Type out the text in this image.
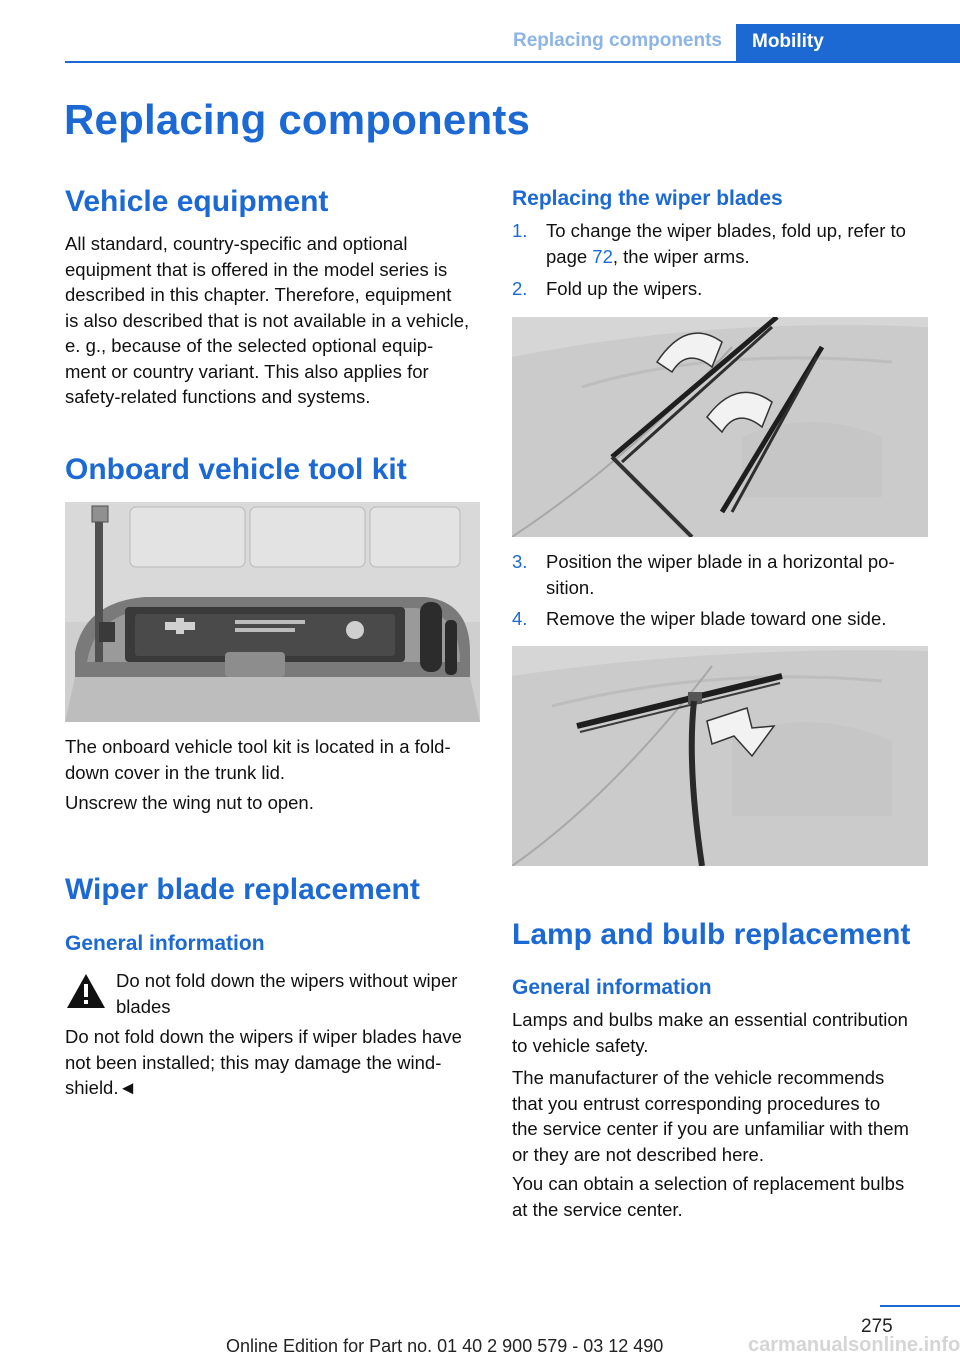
Replacing components	Mobility
Replacing components
Vehicle equipment
All standard, country-specific and optional
equipment that is offered in the model series is
described in this chapter. Therefore, equipment
is also described that is not available in a vehicle,
e. g., because of the selected optional equip-
ment or country variant. This also applies for
safety-related functions and systems.
Onboard vehicle tool kit
The onboard vehicle tool kit is located in a fold-
down cover in the trunk lid.
Unscrew the wing nut to open.
Wiper blade replacement
General information
Do not fold down the wipers without wiper
blades
Do not fold down the wipers if wiper blades have
not been installed; this may damage the wind-
shield.◄
Replacing the wiper blades
1. To change the wiper blades, fold up, refer to
page 72, the wiper arms.
2. Fold up the wipers.
3. Position the wiper blade in a horizontal po-
sition.
4. Remove the wiper blade toward one side.
Lamp and bulb replacement
General information
Lamps and bulbs make an essential contribution
to vehicle safety.
The manufacturer of the vehicle recommends
that you entrust corresponding procedures to
the service center if you are unfamiliar with them
or they are not described here.
You can obtain a selection of replacement bulbs
at the service center.
275
Online Edition for Part no. 01 40 2 900 579 - 03 12 490	carmanualsonline.info
